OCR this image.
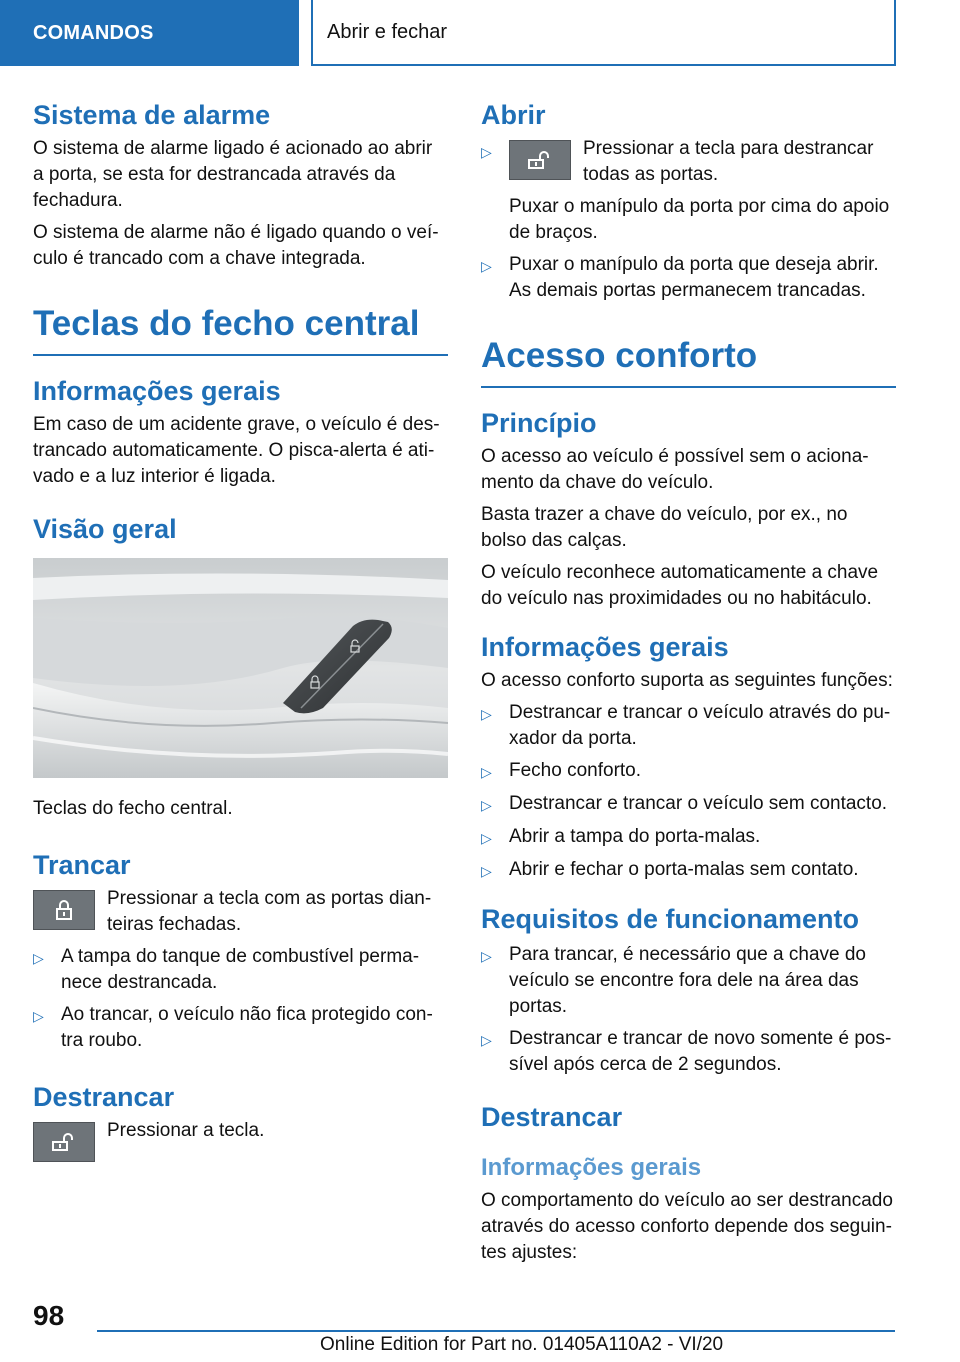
COMANDOS	Abrir e fechar
Sistema de alarme

O sistema de alarme ligado é acionado ao abrir a porta, se esta for destrancada através da fechadura.

O sistema de alarme não é ligado quando o veículo é trancado com a chave integrada.

Teclas do fecho central
Informações gerais

Em caso de um acidente grave, o veículo é destrancado automaticamente. O pisca-alerta é ativado e a luz interior é ligada.

Visão geral

Teclas do fecho central.

Trancar

Pressionar a tecla com as portas dianteiras fechadas.

▷ A tampa do tanque de combustível permanece destrancada.
▷ Ao trancar, o veículo não fica protegido contra roubo.
Destrancar

Pressionar a tecla.

Abrir
▷	Pressionar a tecla para destrancar todas as portas.

Puxar o manípulo da porta por cima do apoio de braços.

▷ Puxar o manípulo da porta que deseja abrir. As demais portas permanecem trancadas.
Acesso conforto
Princípio

O acesso ao veículo é possível sem o acionamento da chave do veículo.

Basta trazer a chave do veículo, por ex., no bolso das calças.

O veículo reconhece automaticamente a chave do veículo nas proximidades ou no habitáculo.

Informações gerais

O acesso conforto suporta as seguintes funções:

▷ Destrancar e trancar o veículo através do puxador da porta.
▷ Fecho conforto.
▷ Destrancar e trancar o veículo sem contacto.
▷ Abrir a tampa do porta-malas.
▷ Abrir e fechar o porta-malas sem contato.
Requisitos de funcionamento
▷ Para trancar, é necessário que a chave do veículo se encontre fora dele na área das portas.
▷ Destrancar e trancar de novo somente é possível após cerca de 2 segundos.
Destrancar
Informações gerais

O comportamento do veículo ao ser destrancado através do acesso conforto depende dos seguintes ajustes:

98
Online Edition for Part no. 01405A110A2 - VI/20
